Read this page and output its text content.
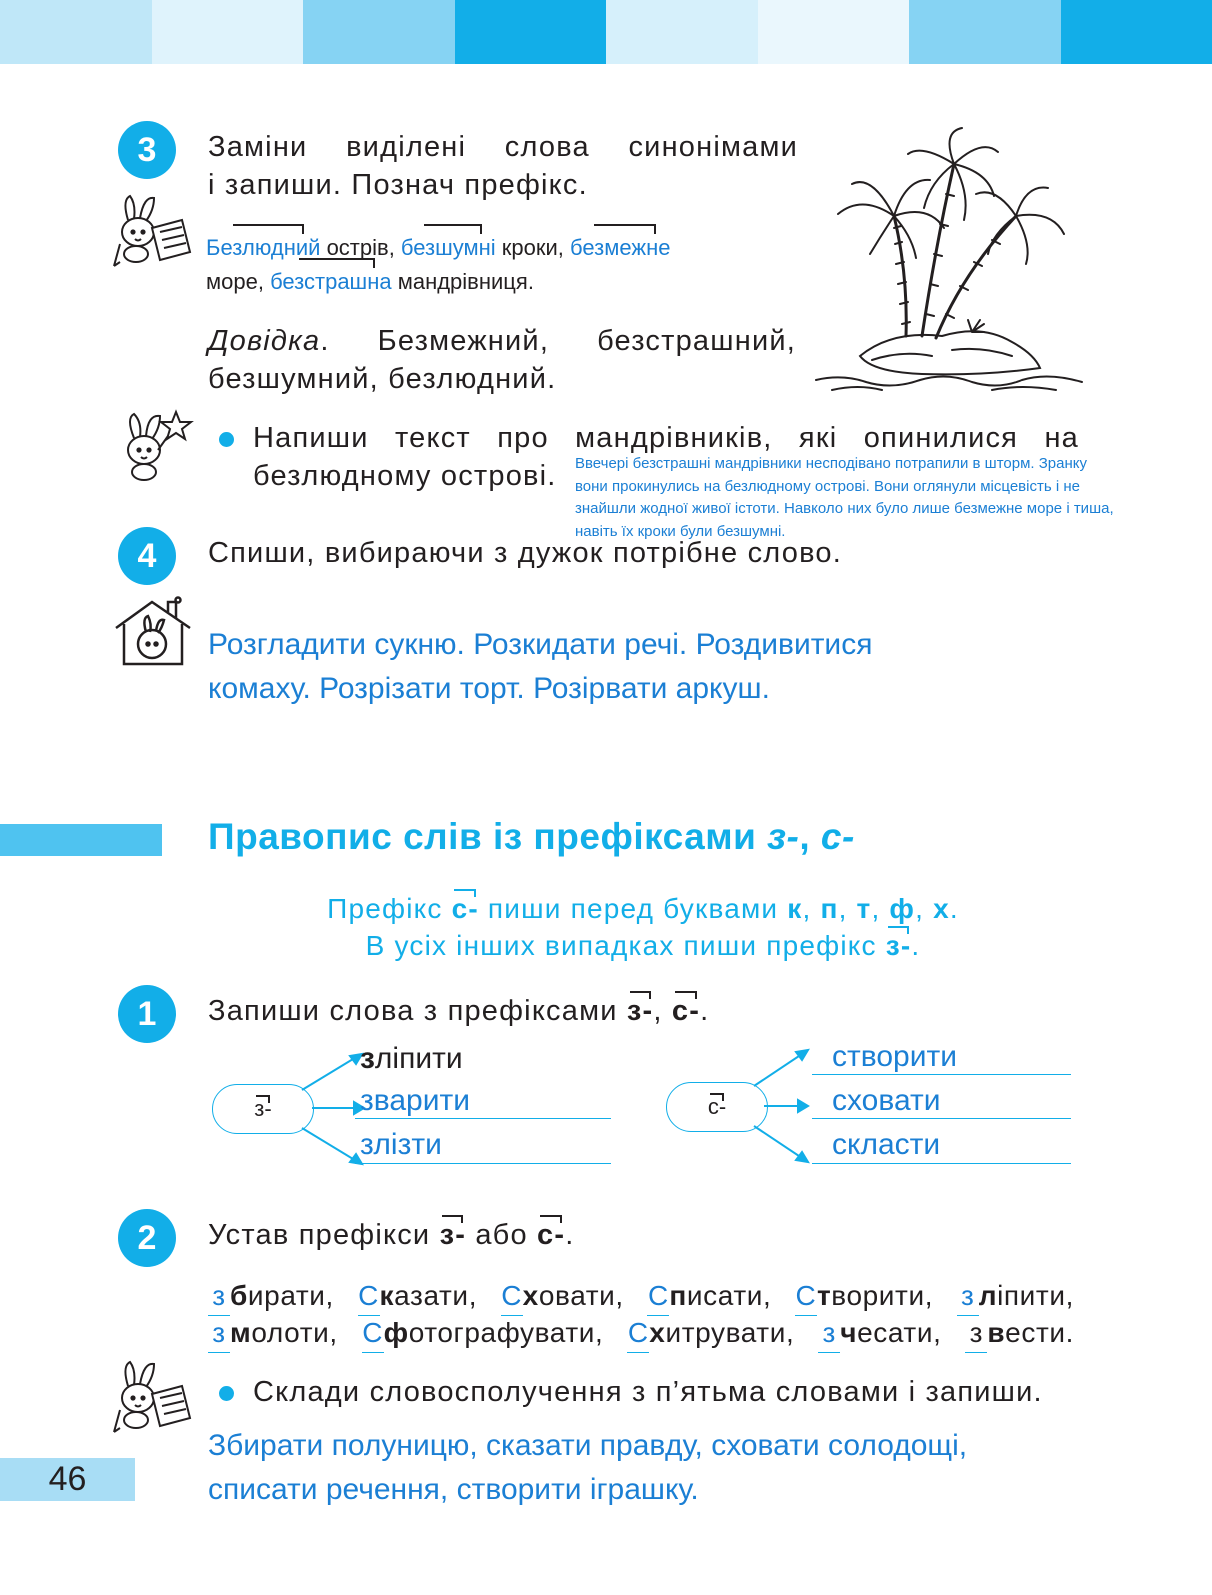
3 Заміни виділені слова синонімами
і запиши. Познач префікс.
Безлюдний острів, безшумні кроки, безмежне
море, безстрашна мандрівниця.
Довідка. Безмежний, безстрашний,
безшумний, безлюдний.
Напиши текст про мандрівників, які опинилися на
безлюдному острові. Ввечері безстрашні мандрівники несподівано потрапили в шторм. Зранку
вони прокинулись на безлюдному острові. Вони оглянули місцевість і не
знайшли жодної живої істоти. Навколо них було лише безмежне море і тиша,
навіть їх кроки були безшумні.
4 Спиши, вибираючи з дужок потрібне слово.
Розгладити сукню. Розкидати речі. Роздивитися
комаху. Розрізати торт. Розірвати аркуш.
Правопис слів із префіксами з-, с-
Префікс с- пиши перед буквами к, п, т, ф, х.
В усіх інших випадках пиши префікс з-.
1 Запиши слова з префіксами з-, с-.
з-
зліпити
зварити
злізти
с-
створити
сховати
скласти
2 Устав префікси з- або с-.
з бирати, Сказати, Сховати, Списати, Створити, з ліпити,
з молоти, Сфотографувати, Схитрувати, з чесати, з вести.
Склади словосполучення з п’ятьма словами і запиши.
Збирати полуницю, сказати правду, сховати солодощі,
списати речення, створити іграшку.
46
